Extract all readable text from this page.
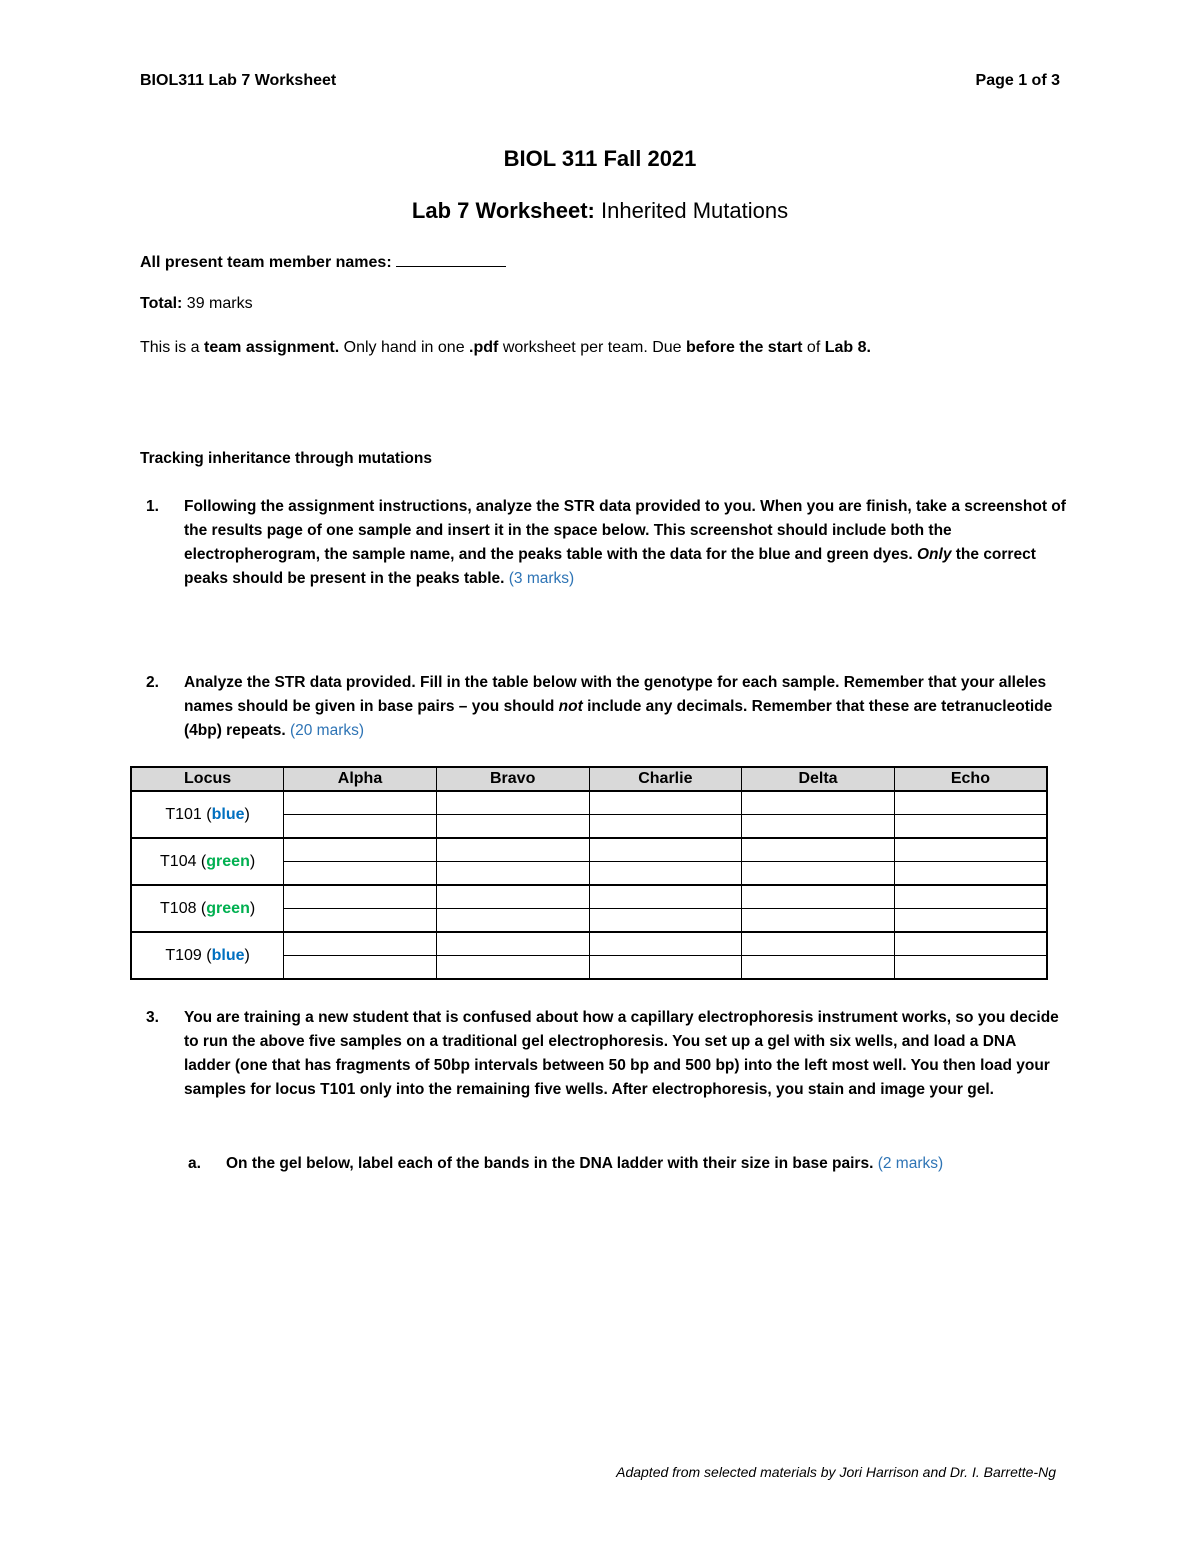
BIOL311 Lab 7 Worksheet	Page 1 of 3
BIOL 311 Fall 2021
Lab 7 Worksheet: Inherited Mutations
All present team member names:
Total: 39 marks
This is a team assignment. Only hand in one .pdf worksheet per team. Due before the start of Lab 8.
Tracking inheritance through mutations
1. Following the assignment instructions, analyze the STR data provided to you. When you are finish, take a screenshot of the results page of one sample and insert it in the space below. This screenshot should include both the electropherogram, the sample name, and the peaks table with the data for the blue and green dyes. Only the correct peaks should be present in the peaks table. (3 marks)
2. Analyze the STR data provided. Fill in the table below with the genotype for each sample. Remember that your alleles names should be given in base pairs – you should not include any decimals. Remember that these are tetranucleotide (4bp) repeats. (20 marks)
Locus	Alpha	Bravo	Charlie	Delta	Echo
T101 (blue)					

T104 (green)					

T108 (green)					

T109 (blue)					

3. You are training a new student that is confused about how a capillary electrophoresis instrument works, so you decide to run the above five samples on a traditional gel electrophoresis. You set up a gel with six wells, and load a DNA ladder (one that has fragments of 50bp intervals between 50 bp and 500 bp) into the left most well. You then load your samples for locus T101 only into the remaining five wells. After electrophoresis, you stain and image your gel.
a. On the gel below, label each of the bands in the DNA ladder with their size in base pairs. (2 marks)
Adapted from selected materials by Jori Harrison and Dr. I. Barrette-Ng
